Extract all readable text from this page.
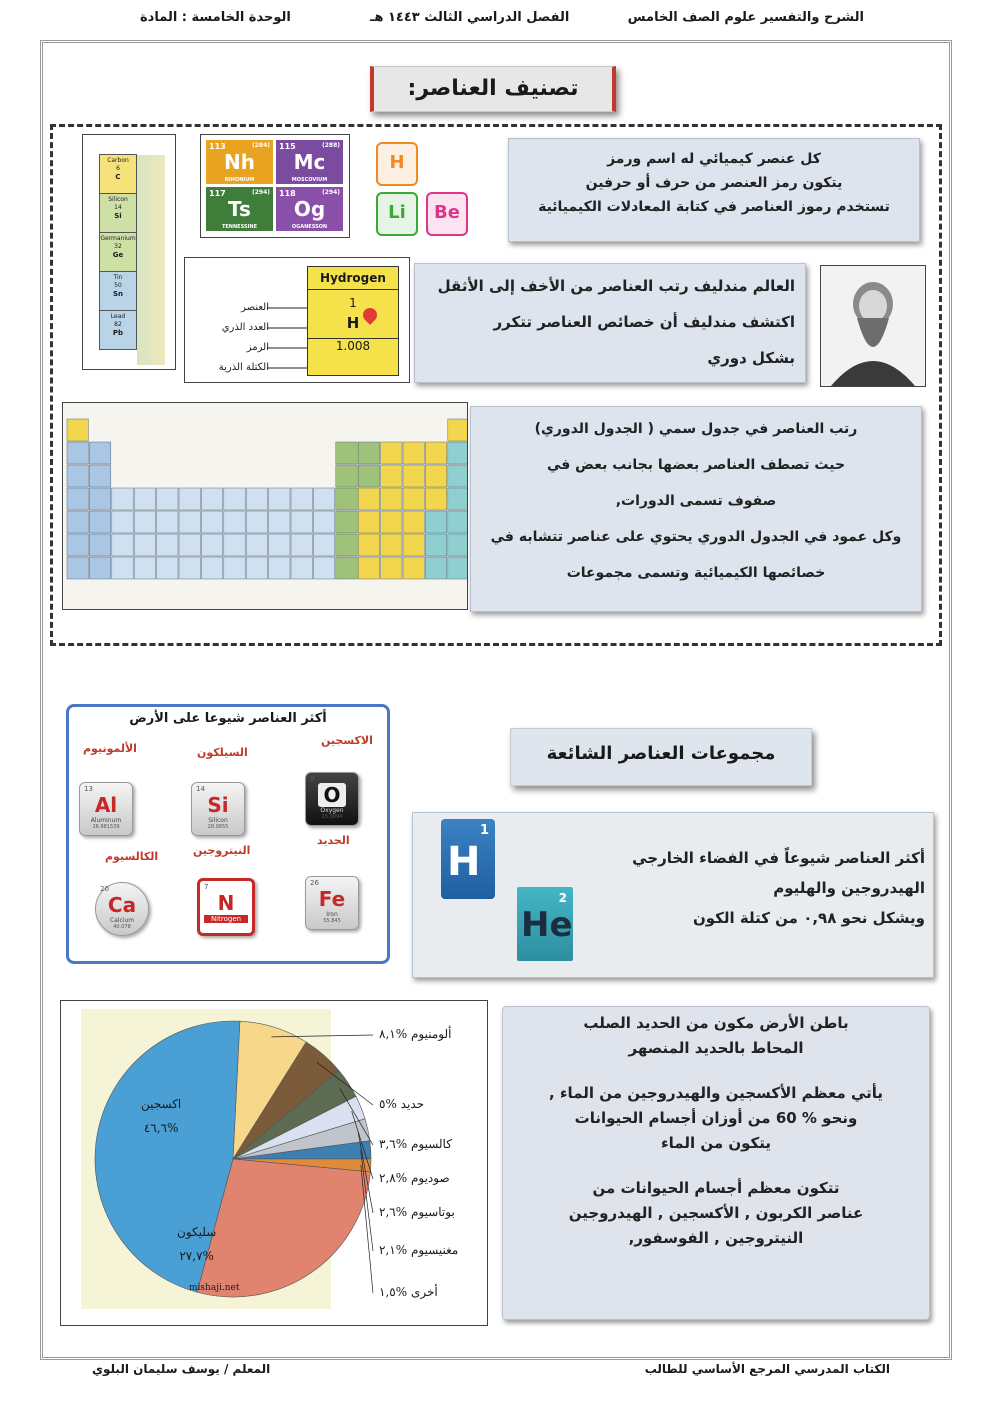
الشرح والتفسير علوم الصف الخامس
الفصل الدراسي الثالث ١٤٤٣ هـ
الوحدة الخامسة : المادة
تصنيف العناصر:
Carbon
6
C
Silicon
14
Si
Germanium
32
Ge
Tin
50
Sn
Lead
82
Pb
113	(284)
Nh
NIHONIUM
115	(288)
Mc
MOSCOVIUM
117	(294)
Ts
TENNESSINE
118	(294)
Og
OGANESSON
H
Li	Be

كل عنصر كيميائي له اسم ورمز

يتكون رمز العنصر من حرف أو حرفين

تستخدم رموز العناصر في كتابة المعادلات الكيميائية

Hydrogen
1
H
1.008
العنصر
العدد الذري
الرمز
الكتلة الذرية

العالم مندليف رتب العناصر من الأخف إلى الأثقل

اكتشف مندليف أن خصائص العناصر تتكرر

بشكل دوري

رتب العناصر في جدول سمي ( الجدول الدوري)

حيث تصطف العناصر بعضها بجانب بعض في

صفوف تسمى الدورات,

وكل عمود في الجدول الدوري يحتوي على عناصر تتشابه في

خصائصها الكيميائية وتسمى مجموعات

أكثر العناصر شيوعا على الأرض
الاكسجين
8
O
Oxygen
15.9994
السيلكون
14
Si
Silicon
28.0855
الألمونيوم
13
Al
Aluminum
26.981539
الحديد
26
Fe
Iron
55.845
النيتروجين
7
N
Nitrogen
الكالسيوم
20
Ca
Calcium
40.078
مجموعات العناصر الشائعة
1
H
2
He

أكثر العناصر شيوعاً في الفضاء الخارجي

الهيدروجين والهليوم

ويشكل نحو ٠,٩٨ من كتلة الكون

ألومنيوم %٨,١
حديد %٥
كالسيوم %٣,٦
صوديوم %٢,٨
بوتاسيوم %٢,٦
مغنيسيوم %٢,١
أخرى %١,٥
اكسجين
%٤٦,٦
سليكون
%٢٧,٧
mishaji.net

باطن الأرض مكون من الحديد الصلب

المحاط بالحديد المنصهر

يأتي معظم الأكسجين والهيدروجين من الماء ,

ونحو % 60 من أوزان أجسام الحيوانات

يتكون من الماء

تتكون معظم أجسام الحيوانات من

عناصر الكربون , الأكسجين , الهيدروجين

النيتروجين , الفوسفور,

الكتاب المدرسي المرجع الأساسي للطالب
المعلم / يوسف سليمان البلوي
